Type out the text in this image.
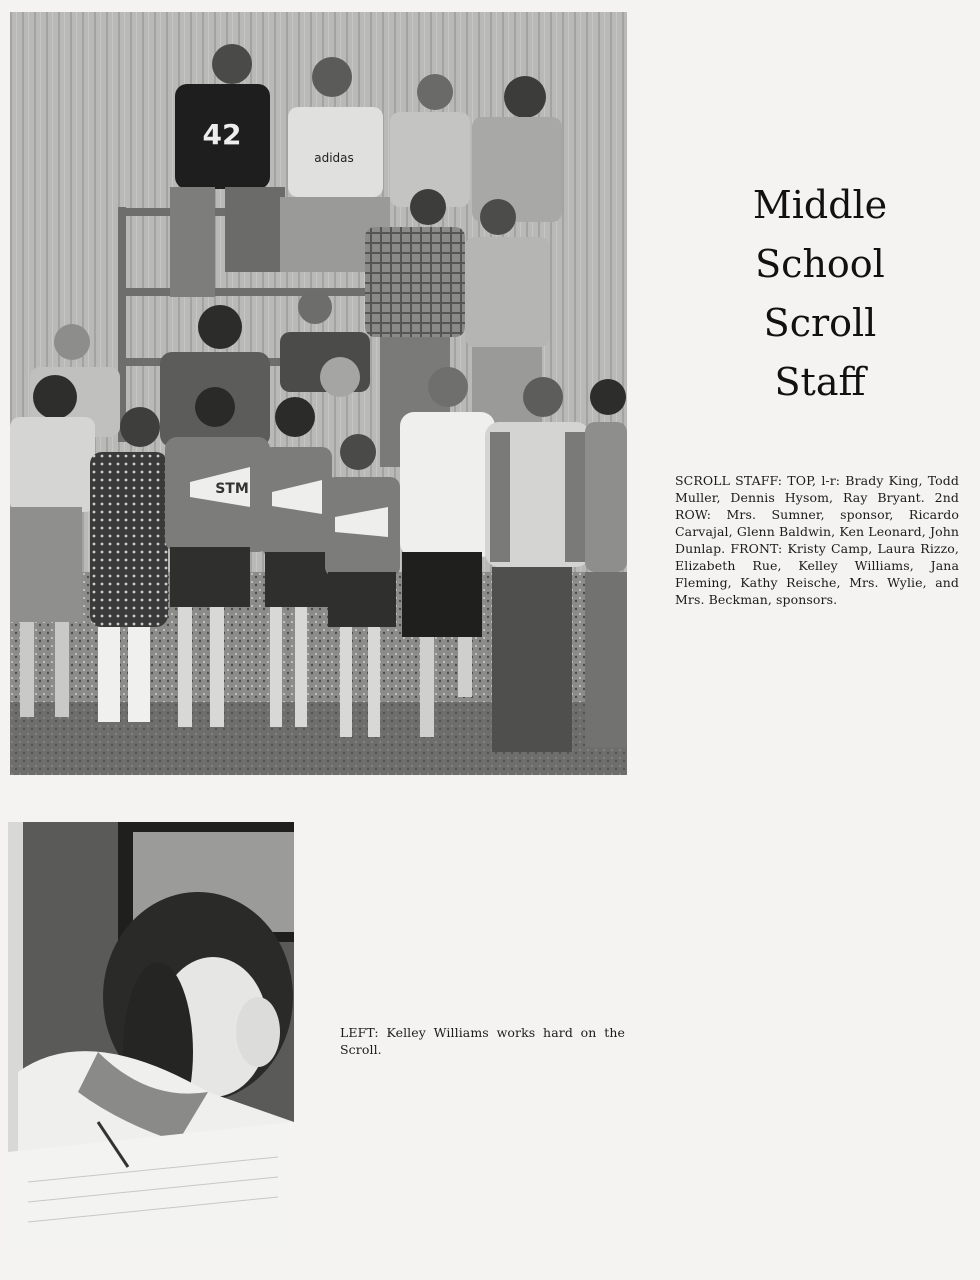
42
adidas
STM
Middle
School
Scroll
Staff
SCROLL STAFF: TOP, l-r: Brady King, Todd Muller, Dennis Hysom, Ray Bryant. 2nd ROW: Mrs. Sumner, sponsor, Ricardo Carvajal, Glenn Baldwin, Ken Leonard, John Dunlap. FRONT: Kristy Camp, Laura Rizzo, Elizabeth Rue, Kelley Williams, Jana Fleming, Kathy Reische, Mrs. Wylie, and Mrs. Beckman, sponsors.
LEFT: Kelley Williams works hard on the Scroll.
